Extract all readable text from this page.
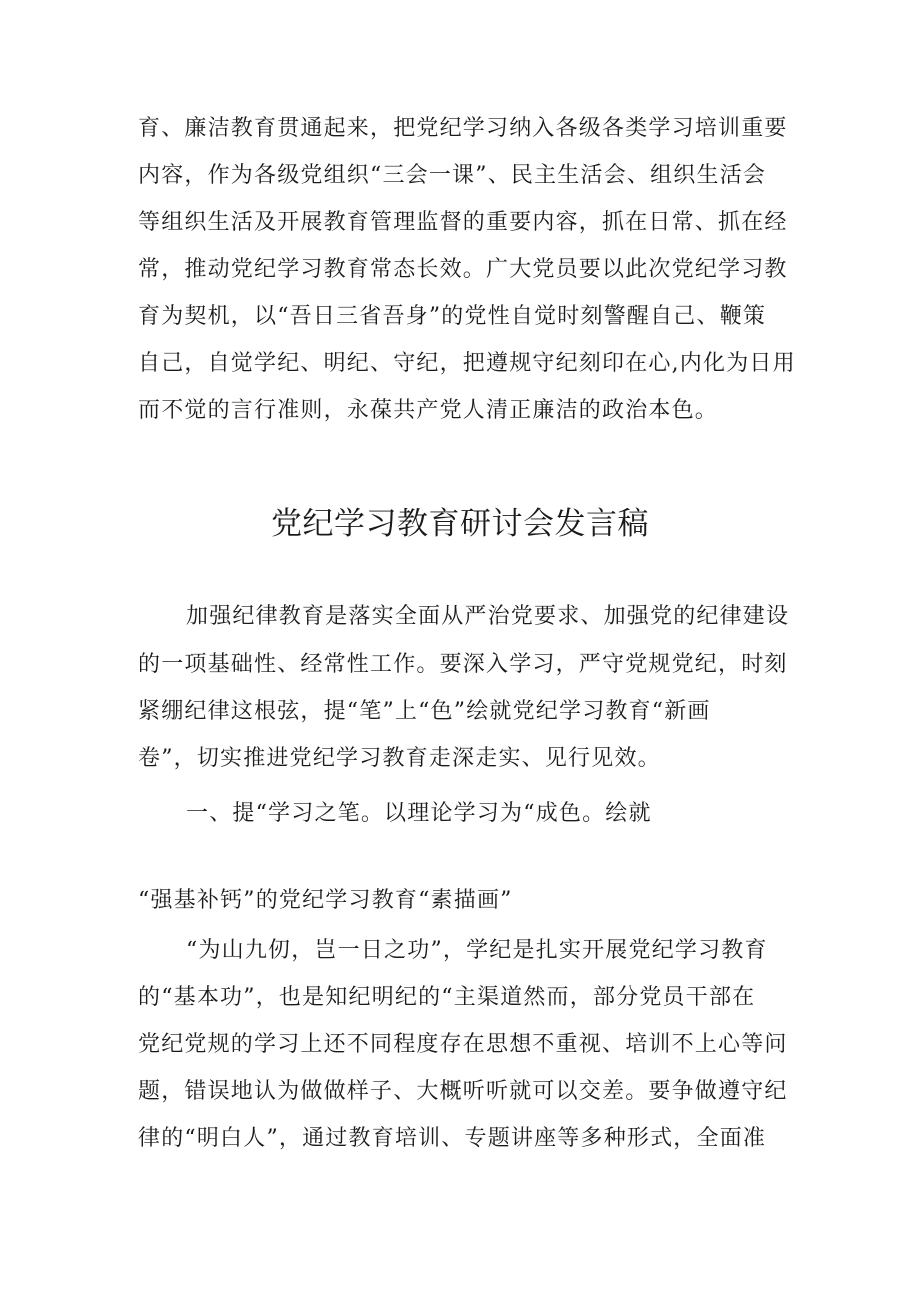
育、廉洁教育贯通起来，把党纪学习纳入各级各类学习培训重要
内容，作为各级党组织“三会一课”、民主生活会、组织生活会
等组织生活及开展教育管理监督的重要内容，抓在日常、抓在经
常，推动党纪学习教育常态长效。广大党员要以此次党纪学习教
育为契机，以“吾日三省吾身”的党性自觉时刻警醒自己、鞭策
自己，自觉学纪、明纪、守纪，把遵规守纪刻印在心,内化为日用
而不觉的言行准则，永葆共产党人清正廉洁的政治本色。
党纪学习教育研讨会发言稿
加强纪律教育是落实全面从严治党要求、加强党的纪律建设
的一项基础性、经常性工作。要深入学习，严守党规党纪，时刻
紧绷纪律这根弦，提“笔”上“色”绘就党纪学习教育“新画
卷”，切实推进党纪学习教育走深走实、见行见效。
一、提“学习之笔。以理论学习为“成色。绘就
“强基补钙”的党纪学习教育“素描画”
“为山九仞，岂一日之功”，学纪是扎实开展党纪学习教育
的“基本功”，也是知纪明纪的“主渠道然而，部分党员干部在
党纪党规的学习上还不同程度存在思想不重视、培训不上心等问
题，错误地认为做做样子、大概听听就可以交差。要争做遵守纪
律的“明白人”，通过教育培训、专题讲座等多种形式，全面准
